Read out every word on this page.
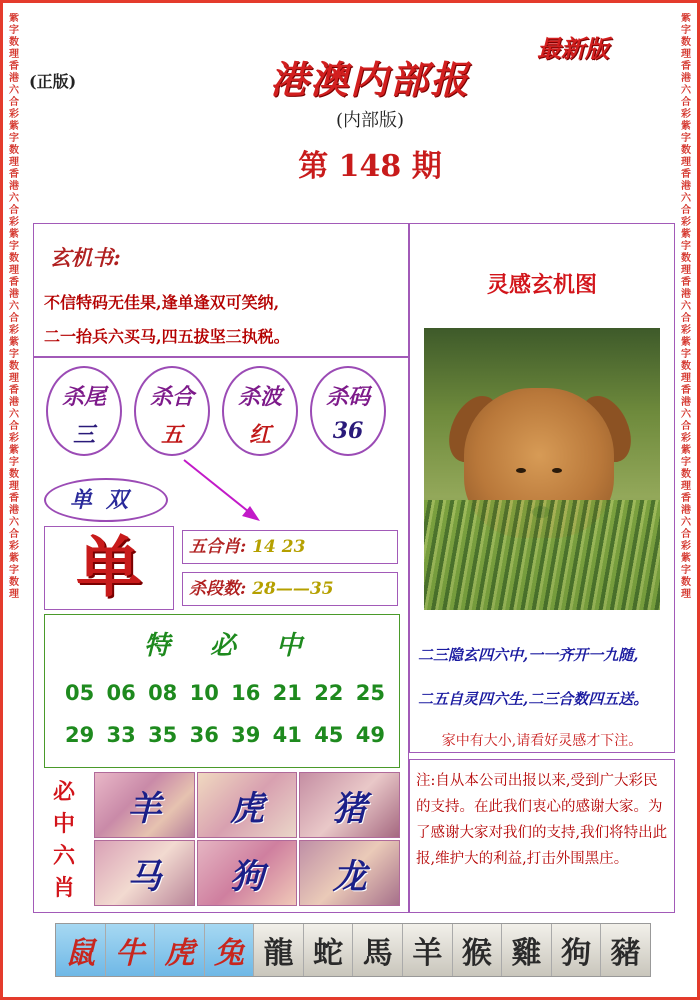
紫字数理香港六合彩紫字数理香港六合彩紫字数理香港六合彩紫字数理香港六合彩紫字数理香港六合彩紫字数理
紫字数理香港六合彩紫字数理香港六合彩紫字数理香港六合彩紫字数理香港六合彩紫字数理香港六合彩紫字数理
(正版)	港澳内部报
最新版
(内部版)
第 148 期
玄机书:
不信特码无佳果,逢单逢双可笑纳,
二一抬兵六买马,四五拔坚三执税。
杀尾
三
杀合
五
杀波
红
杀码
36
单双
单	五合肖: 14 23
杀段数: 28——35
特必中
05 06 08 10 16 21 22 25
29 33 35 36 39 41 45 49
必中六肖
羊	虎	猪
马	狗	龙
灵感玄机图
二三隐玄四六中,一一齐开一九随,
二五自灵四六生,二三合数四五送。
家中有大小,请看好灵感才下注。
注:自从本公司出报以来,受到广大彩民的支持。在此我们衷心的感谢大家。为了感谢大家对我们的支持,我们将特出此报,维护大的利益,打击外围黑庄。
鼠 牛 虎 兔 龍 蛇 馬 羊 猴 雞 狗 豬
